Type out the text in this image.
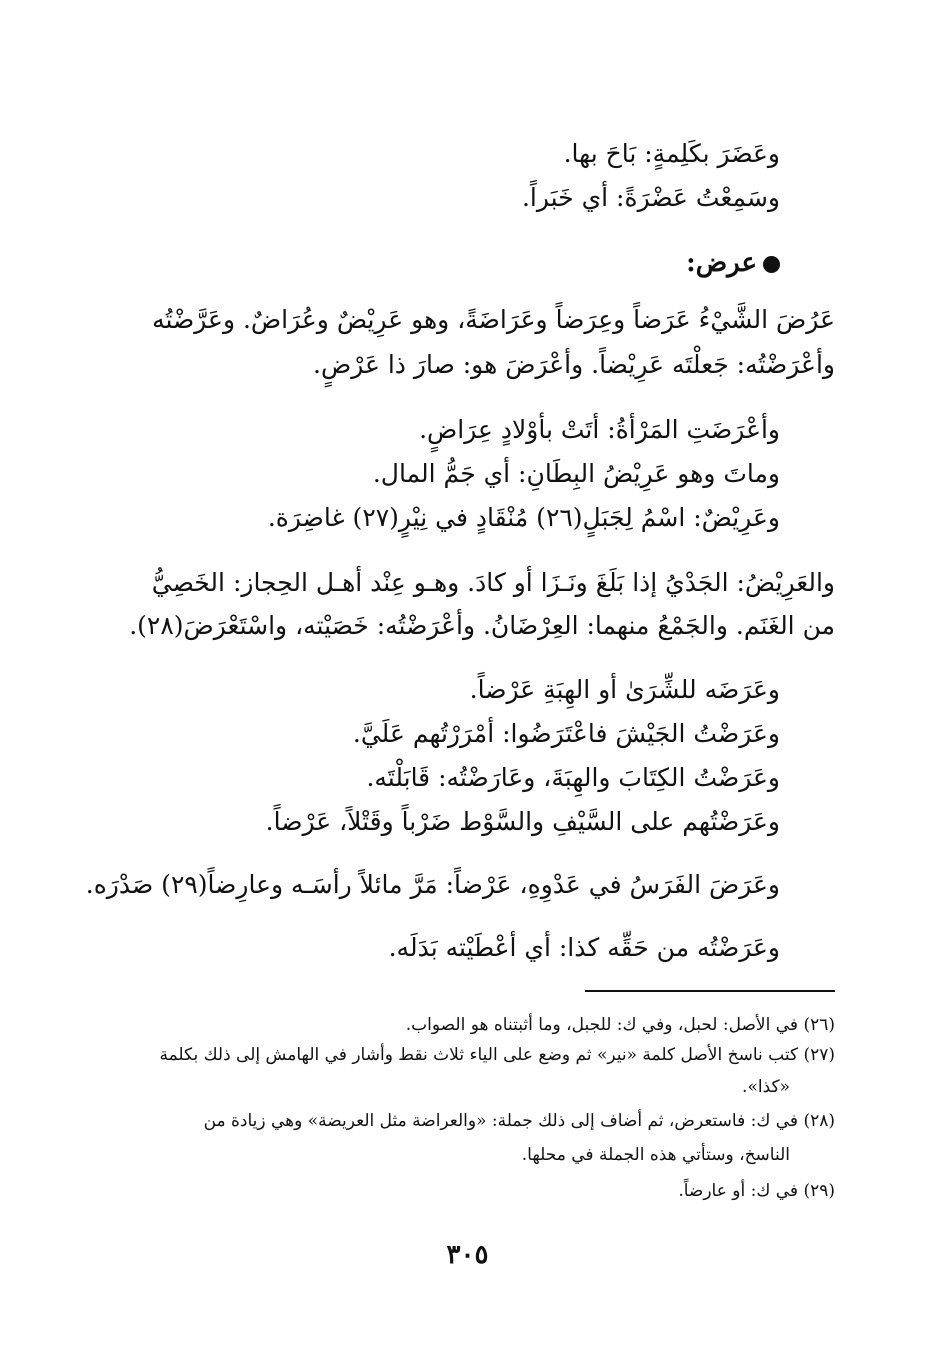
وعَضَرَ بكَلِمةٍ: بَاحَ بها.

وسَمِعْتُ عَضْرَةً: أي خَبَراً.

عرض:

عَرُضَ الشَّيْءُ عَرَضاً وعِرَضاً وعَرَاضَةً، وهو عَرِيْضٌ وعُرَاضٌ. وعَرَّضْتُه

وأعْرَضْتُه: جَعلْتَه عَرِيْضاً. وأعْرَضَ هو: صارَ ذا عَرْضٍ.

وأعْرَضَتِ المَرْأةُ: أتَتْ بأوْلادٍ عِرَاضٍ.

وماتَ وهو عَرِيْضُ البِطَانِ: أي جَمُّ المال.

وعَرِيْضٌ: اسْمُ لِجَبَلٍ(٢٦) مُنْقَادٍ في نِيْرٍ(٢٧) غاضِرَة.

والعَرِيْضُ: الجَدْيُ إذا بَلَغَ ونَـزَا أو كادَ. وهـو عِنْد أهـل الحِجاز: الخَصِيُّ

من الغَنَم. والجَمْعُ منهما: العِرْضَانُ. وأعْرَضْتُه: خَصَيْته، واسْتَعْرَضَ(٢٨).

وعَرَضَه للشِّرَىٰ أو الهِبَةِ عَرْضاً.

وعَرَضْتُ الجَيْشَ فاعْتَرَضُوا: أمْرَرْتُهم عَلَيَّ.

وعَرَضْتُ الكِتَابَ والهِبَةَ، وعَارَضْتُه: قَابَلْتَه.

وعَرَضْتُهم على السَّيْفِ والسَّوْط ضَرْباً وقَتْلاً، عَرْضاً.

وعَرَضَ الفَرَسُ في عَدْوِهِ، عَرْضاً: مَرَّ مائلاً رأسَـه وعارِضاً(٢٩) صَدْرَه.

وعَرَضْتُه من حَقِّه كذا: أي أعْطَيْته بَدَلَه.

(٢٦) في الأصل: لحبل، وفي ك: للجبل، وما أثبتناه هو الصواب.

(٢٧) كتب ناسخ الأصل كلمة «نير» ثم وضع على الياء ثلاث نقط وأشار في الهامش إلى ذلك بكلمة

«كذا».

(٢٨) في ك: فاستعرض، ثم أضاف إلى ذلك جملة: «والعراضة مثل العريضة» وهي زيادة من

الناسخ، وستأتي هذه الجملة في محلها.

(٢٩) في ك: أو عارضاً.

٣٠٥
